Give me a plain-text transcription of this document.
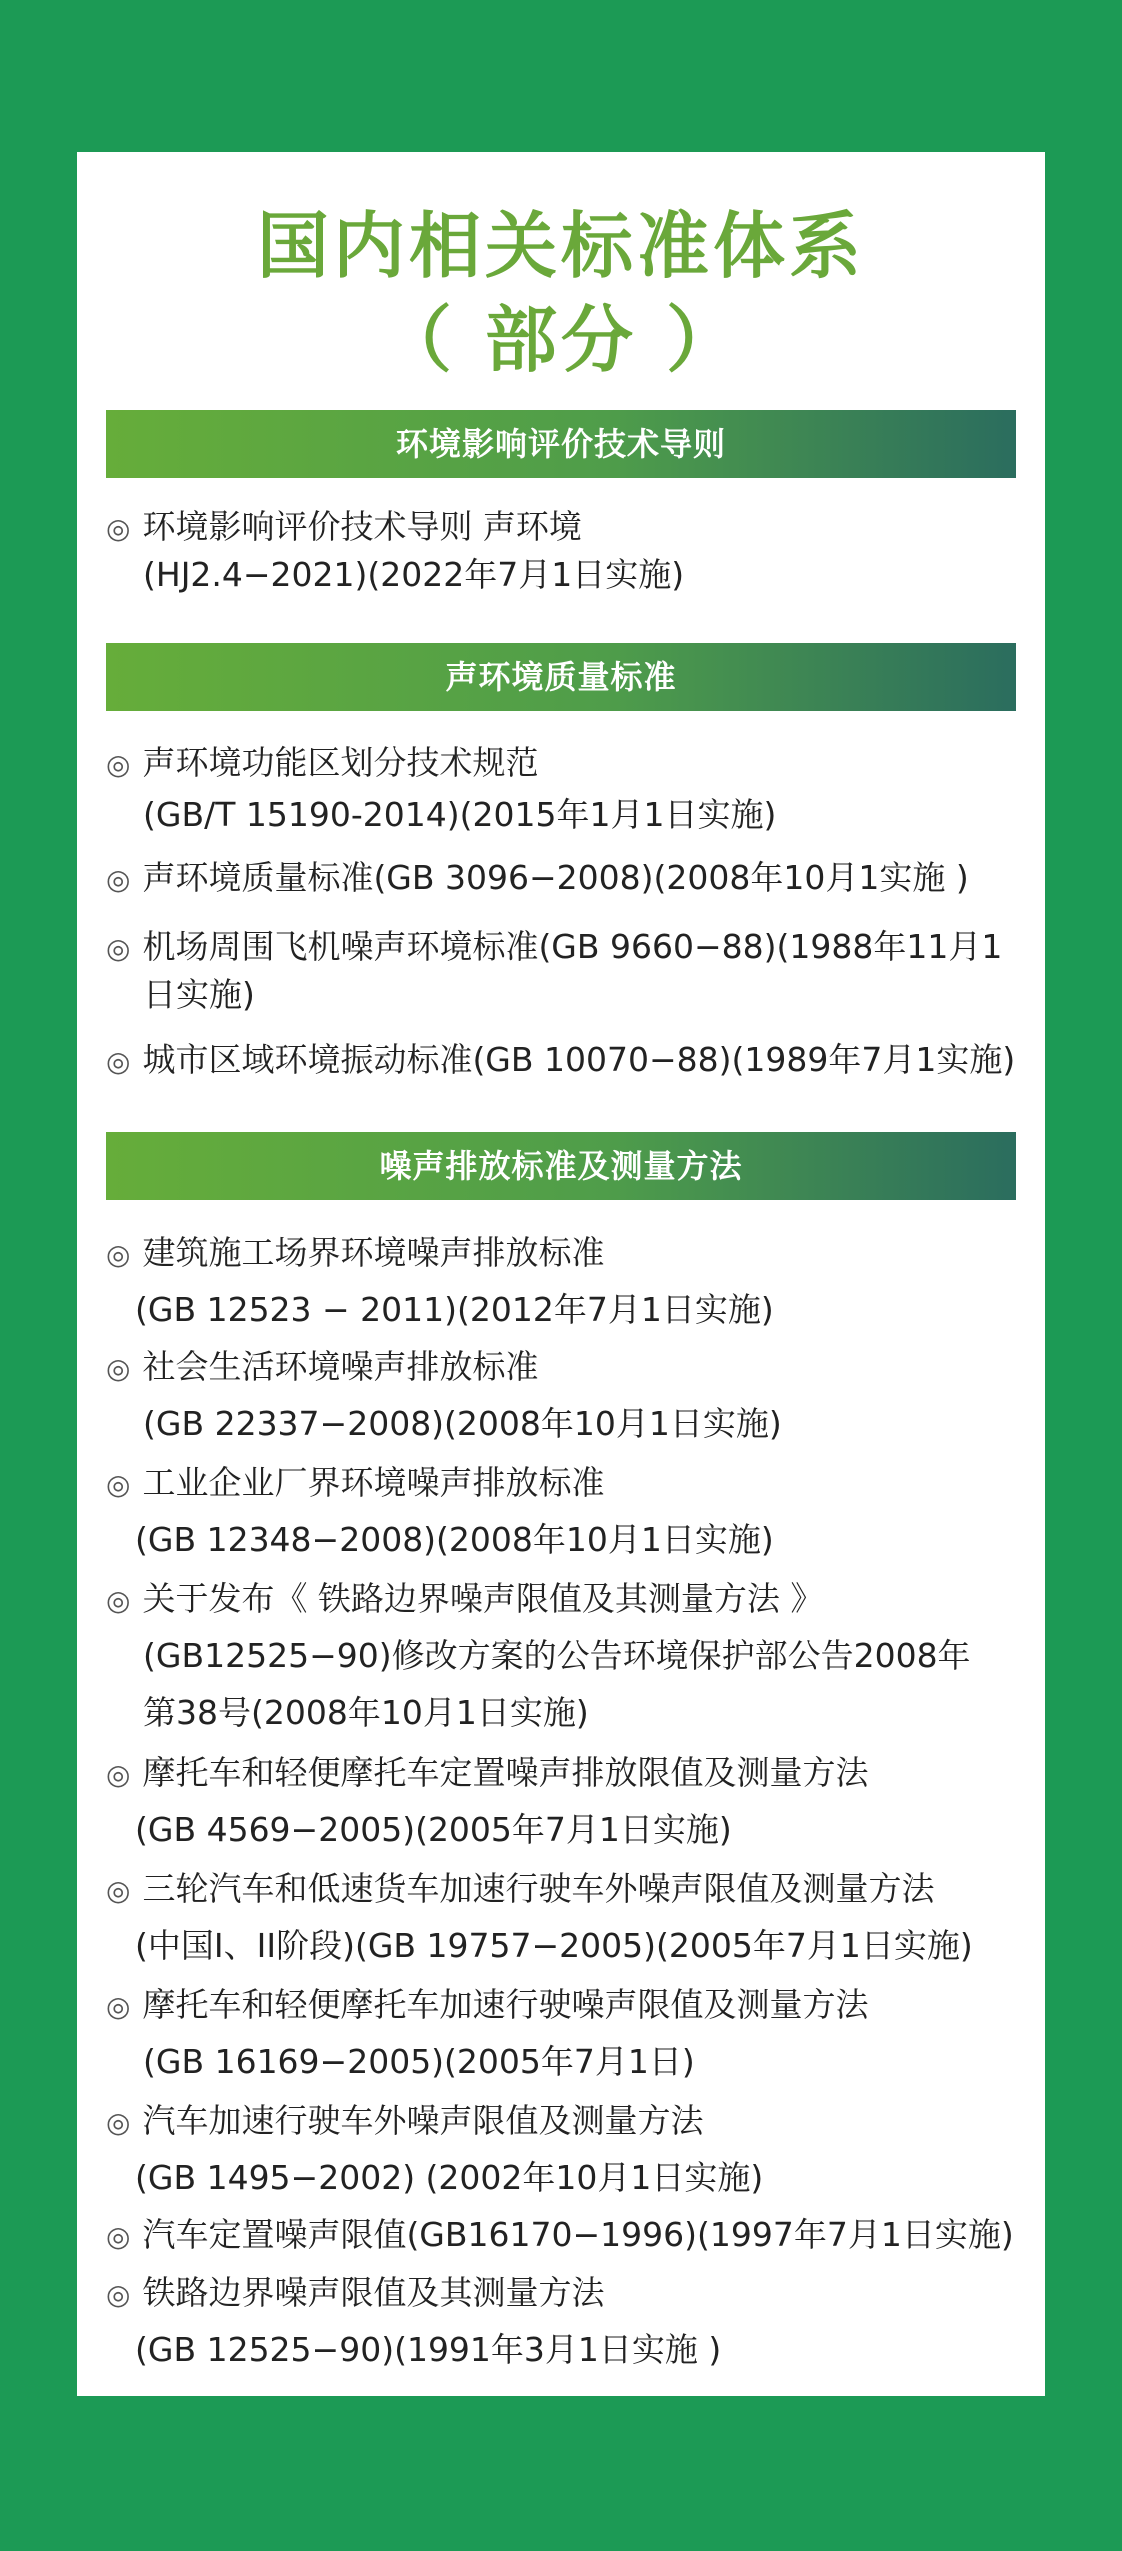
国内相关标准体系
（ 部分 ）
环境影响评价技术导则
◎ 环境影响评价技术导则 声环境
(HJ2.4−2021)(2022年7月1日实施)
声环境质量标准
◎ 声环境功能区划分技术规范
(GB/T 15190-2014)(2015年1月1日实施)
◎ 声环境质量标准(GB 3096−2008)(2008年10月1实施 )
◎ 机场周围飞机噪声环境标准(GB 9660−88)(1988年11月1
日实施)
◎ 城市区域环境振动标准(GB 10070−88)(1989年7月1实施)
噪声排放标准及测量方法
◎ 建筑施工场界环境噪声排放标准
(GB 12523 − 2011)(2012年7月1日实施)
◎ 社会生活环境噪声排放标准
(GB 22337−2008)(2008年10月1日实施)
◎ 工业企业厂界环境噪声排放标准
(GB 12348−2008)(2008年10月1日实施)
◎ 关于发布《 铁路边界噪声限值及其测量方法 》
(GB12525−90)修改方案的公告环境保护部公告2008年
第38号(2008年10月1日实施)
◎ 摩托车和轻便摩托车定置噪声排放限值及测量方法
(GB 4569−2005)(2005年7月1日实施)
◎ 三轮汽车和低速货车加速行驶车外噪声限值及测量方法
(中国I、II阶段)(GB 19757−2005)(2005年7月1日实施)
◎ 摩托车和轻便摩托车加速行驶噪声限值及测量方法
(GB 16169−2005)(2005年7月1日)
◎ 汽车加速行驶车外噪声限值及测量方法
(GB 1495−2002) (2002年10月1日实施)
◎ 汽车定置噪声限值(GB16170−1996)(1997年7月1日实施)
◎ 铁路边界噪声限值及其测量方法
(GB 12525−90)(1991年3月1日实施 )
